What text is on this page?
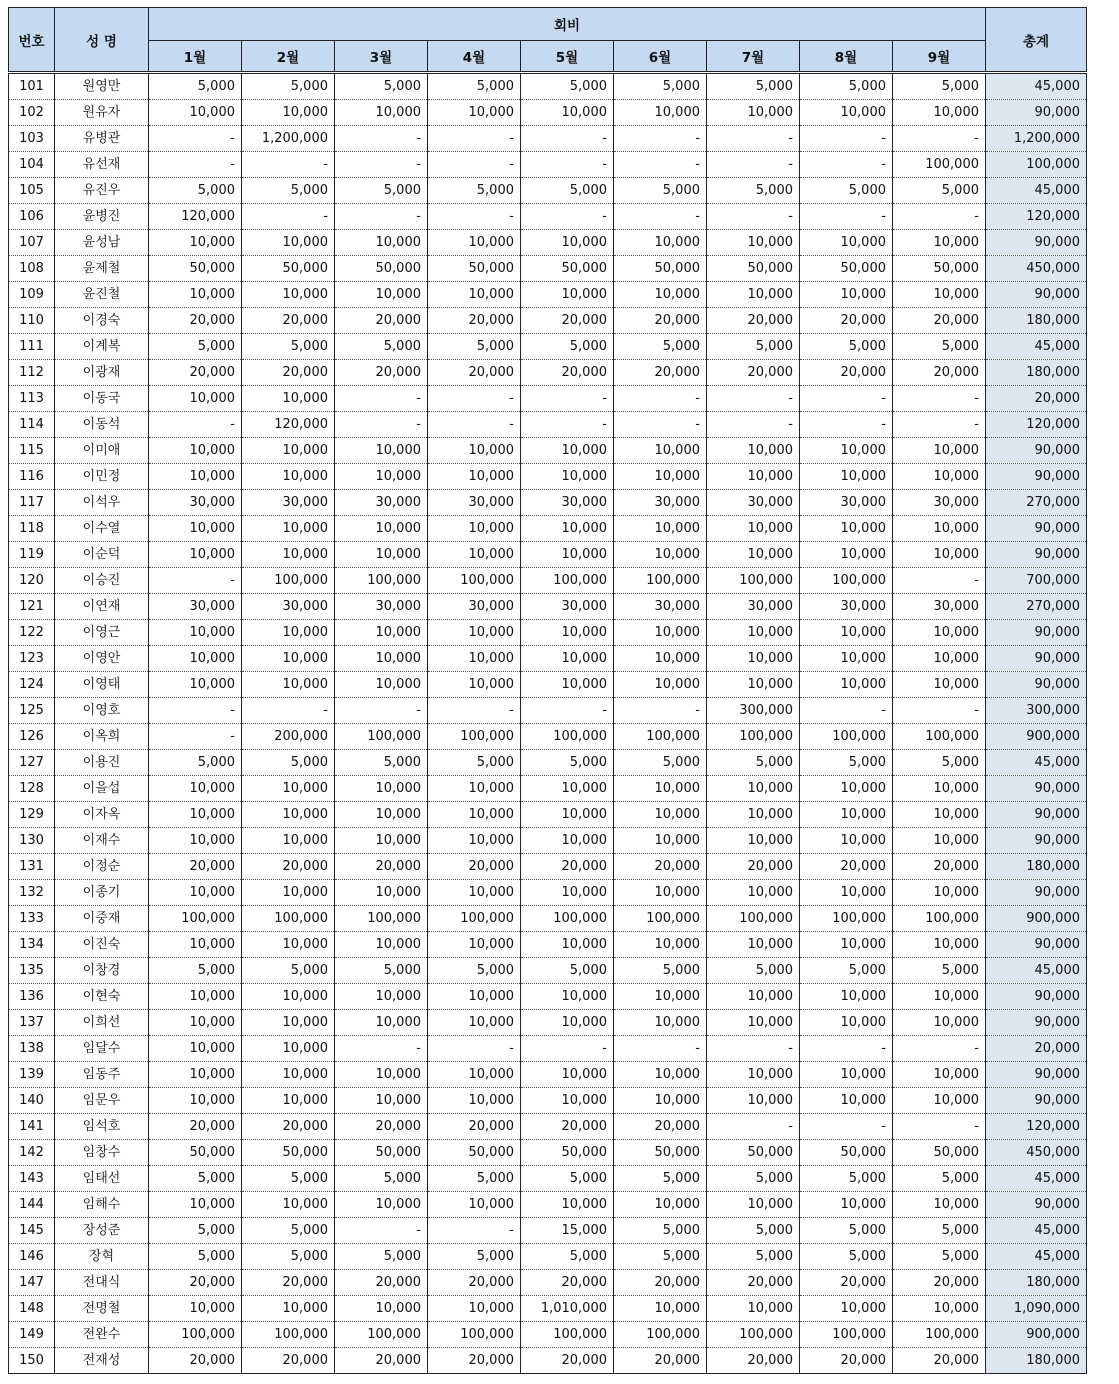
번호	성 명	회비									총계
		1월	2월	3월	4월	5월	6월	7월	8월	9월	
101	원영만	5,000	5,000	5,000	5,000	5,000	5,000	5,000	5,000	5,000	45,000
102	원유자	10,000	10,000	10,000	10,000	10,000	10,000	10,000	10,000	10,000	90,000
103	유병관	-	1,200,000	-	-	-	-	-	-	-	1,200,000
104	유선재	-	-	-	-	-	-	-	-	100,000	100,000
105	유진우	5,000	5,000	5,000	5,000	5,000	5,000	5,000	5,000	5,000	45,000
106	윤병진	120,000	-	-	-	-	-	-	-	-	120,000
107	윤성남	10,000	10,000	10,000	10,000	10,000	10,000	10,000	10,000	10,000	90,000
108	윤제철	50,000	50,000	50,000	50,000	50,000	50,000	50,000	50,000	50,000	450,000
109	윤진철	10,000	10,000	10,000	10,000	10,000	10,000	10,000	10,000	10,000	90,000
110	이경숙	20,000	20,000	20,000	20,000	20,000	20,000	20,000	20,000	20,000	180,000
111	이계복	5,000	5,000	5,000	5,000	5,000	5,000	5,000	5,000	5,000	45,000
112	이광재	20,000	20,000	20,000	20,000	20,000	20,000	20,000	20,000	20,000	180,000
113	이동국	10,000	10,000	-	-	-	-	-	-	-	20,000
114	이동석	-	120,000	-	-	-	-	-	-	-	120,000
115	이미애	10,000	10,000	10,000	10,000	10,000	10,000	10,000	10,000	10,000	90,000
116	이민정	10,000	10,000	10,000	10,000	10,000	10,000	10,000	10,000	10,000	90,000
117	이석우	30,000	30,000	30,000	30,000	30,000	30,000	30,000	30,000	30,000	270,000
118	이수열	10,000	10,000	10,000	10,000	10,000	10,000	10,000	10,000	10,000	90,000
119	이순덕	10,000	10,000	10,000	10,000	10,000	10,000	10,000	10,000	10,000	90,000
120	이승진	-	100,000	100,000	100,000	100,000	100,000	100,000	100,000	-	700,000
121	이연재	30,000	30,000	30,000	30,000	30,000	30,000	30,000	30,000	30,000	270,000
122	이영근	10,000	10,000	10,000	10,000	10,000	10,000	10,000	10,000	10,000	90,000
123	이영안	10,000	10,000	10,000	10,000	10,000	10,000	10,000	10,000	10,000	90,000
124	이영태	10,000	10,000	10,000	10,000	10,000	10,000	10,000	10,000	10,000	90,000
125	이영호	-	-	-	-	-	-	300,000	-	-	300,000
126	이옥희	-	200,000	100,000	100,000	100,000	100,000	100,000	100,000	100,000	900,000
127	이용진	5,000	5,000	5,000	5,000	5,000	5,000	5,000	5,000	5,000	45,000
128	이을섭	10,000	10,000	10,000	10,000	10,000	10,000	10,000	10,000	10,000	90,000
129	이자옥	10,000	10,000	10,000	10,000	10,000	10,000	10,000	10,000	10,000	90,000
130	이재수	10,000	10,000	10,000	10,000	10,000	10,000	10,000	10,000	10,000	90,000
131	이정순	20,000	20,000	20,000	20,000	20,000	20,000	20,000	20,000	20,000	180,000
132	이종기	10,000	10,000	10,000	10,000	10,000	10,000	10,000	10,000	10,000	90,000
133	이중재	100,000	100,000	100,000	100,000	100,000	100,000	100,000	100,000	100,000	900,000
134	이진숙	10,000	10,000	10,000	10,000	10,000	10,000	10,000	10,000	10,000	90,000
135	이창경	5,000	5,000	5,000	5,000	5,000	5,000	5,000	5,000	5,000	45,000
136	이현숙	10,000	10,000	10,000	10,000	10,000	10,000	10,000	10,000	10,000	90,000
137	이희선	10,000	10,000	10,000	10,000	10,000	10,000	10,000	10,000	10,000	90,000
138	임달수	10,000	10,000	-	-	-	-	-	-	-	20,000
139	임동주	10,000	10,000	10,000	10,000	10,000	10,000	10,000	10,000	10,000	90,000
140	임문우	10,000	10,000	10,000	10,000	10,000	10,000	10,000	10,000	10,000	90,000
141	임석호	20,000	20,000	20,000	20,000	20,000	20,000	-	-	-	120,000
142	임창수	50,000	50,000	50,000	50,000	50,000	50,000	50,000	50,000	50,000	450,000
143	임태선	5,000	5,000	5,000	5,000	5,000	5,000	5,000	5,000	5,000	45,000
144	임해수	10,000	10,000	10,000	10,000	10,000	10,000	10,000	10,000	10,000	90,000
145	장성준	5,000	5,000	-	-	15,000	5,000	5,000	5,000	5,000	45,000
146	장혁	5,000	5,000	5,000	5,000	5,000	5,000	5,000	5,000	5,000	45,000
147	전대식	20,000	20,000	20,000	20,000	20,000	20,000	20,000	20,000	20,000	180,000
148	전명철	10,000	10,000	10,000	10,000	1,010,000	10,000	10,000	10,000	10,000	1,090,000
149	전완수	100,000	100,000	100,000	100,000	100,000	100,000	100,000	100,000	100,000	900,000
150	전재성	20,000	20,000	20,000	20,000	20,000	20,000	20,000	20,000	20,000	180,000
